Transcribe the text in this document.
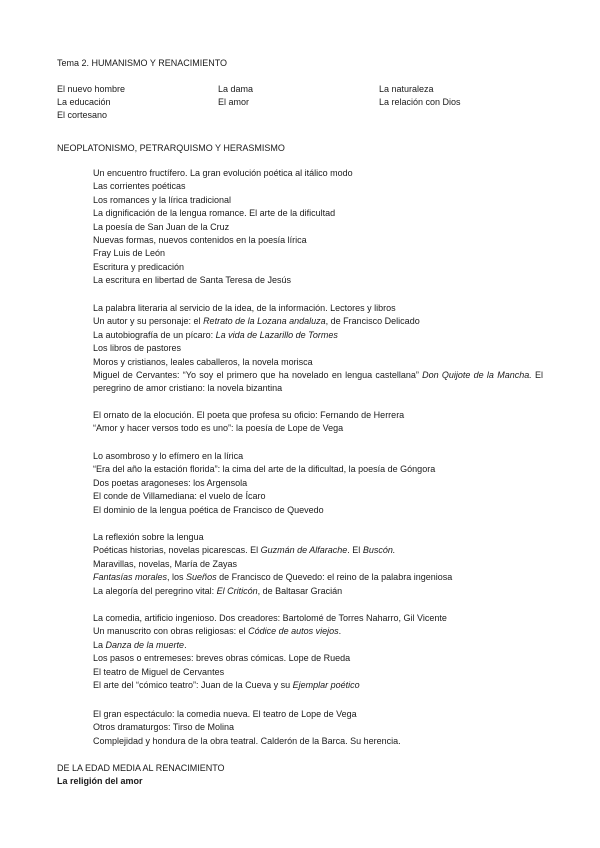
Tema 2. HUMANISMO Y RENACIMIENTO
El nuevo hombre	La dama	La naturaleza
La educación	El amor	La relación con Dios
El cortesano
NEOPLATONISMO, PETRARQUISMO Y HERASMISMO
Un encuentro fructífero. La gran evolución poética al itálico modo
Las corrientes poéticas
Los romances y la lírica tradicional
La dignificación de la lengua romance. El arte de la dificultad
La poesía de San Juan de la Cruz
Nuevas formas, nuevos contenidos en la poesía lírica
Fray Luis de León
Escritura y predicación
La escritura en libertad de Santa Teresa de Jesús
La palabra literaria al servicio de la idea, de la información. Lectores y libros
Un autor y su personaje: el Retrato de la Lozana andaluza, de Francisco Delicado
La autobiografía de un pícaro: La vida de Lazarillo de Tormes
Los libros de pastores
Moros y cristianos, leales caballeros, la novela morisca
Miguel de Cervantes: “Yo soy el primero que ha novelado en lengua castellana” Don Quijote de la Mancha. El peregrino de amor cristiano: la novela bizantina
El ornato de la elocución. El poeta que profesa su oficio: Fernando de Herrera
“Amor y hacer versos todo es uno”: la poesía de Lope de Vega
Lo asombroso y lo efímero en la lírica
“Era del año la estación florida”: la cima del arte de la dificultad, la poesía de Góngora
Dos poetas aragoneses: los Argensola
El conde de Villamediana: el vuelo de Ícaro
El dominio de la lengua poética de Francisco de Quevedo
La reflexión sobre la lengua
Poéticas historias, novelas picarescas. El Guzmán de Alfarache. El Buscón.
Maravillas, novelas, María de Zayas
Fantasías morales, los Sueños de Francisco de Quevedo: el reino de la palabra ingeniosa
La alegoría del peregrino vital: El Criticón, de Baltasar Gracián
La comedia, artificio ingenioso. Dos creadores: Bartolomé de Torres Naharro, Gil Vicente
Un manuscrito con obras religiosas: el Códice de autos viejos.
La Danza de la muerte.
Los pasos o entremeses: breves obras cómicas. Lope de Rueda
El teatro de Miguel de Cervantes
El arte del “cómico teatro”: Juan de la Cueva y su Ejemplar poético
El gran espectáculo: la comedia nueva. El teatro de Lope de Vega
Otros dramaturgos: Tirso de Molina
Complejidad y hondura de la obra teatral. Calderón de la Barca. Su herencia.
DE LA EDAD MEDIA AL RENACIMIENTO
La religión del amor
